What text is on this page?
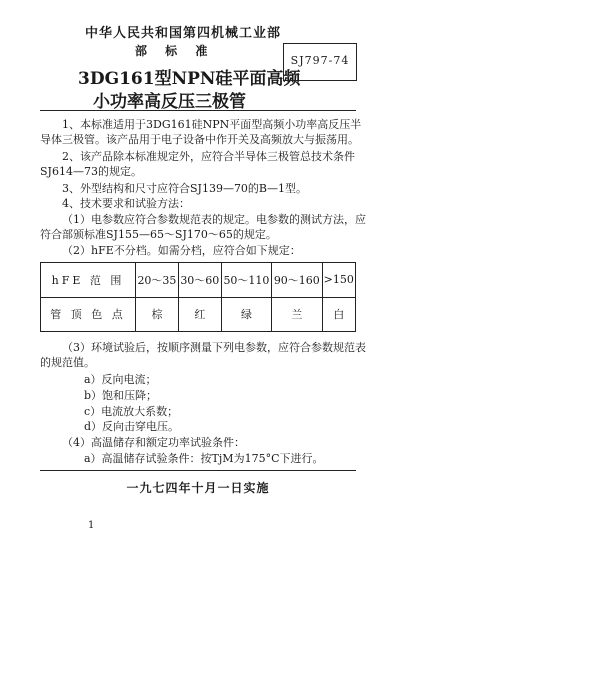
中华人民共和国第四机械工业部
部 标 准
3DG161型NPN硅平面高频
小功率高反压三极管
SJ797-74
1、本标准适用于3DG161硅NPN平面型高频小功率高反压半
导体三极管。该产品用于电子设备中作开关及高频放大与振荡用。
2、该产品除本标准规定外，应符合半导体三极管总技术条件
SJ614—73的规定。
3、外型结构和尺寸应符合SJ139—70的B—1型。
4、技术要求和试验方法：
（1）电参数应符合参数规范表的规定。电参数的测试方法，应
符合部颁标准SJ155—65～SJ170～65的规定。
（2）hFE不分档。如需分档，应符合如下规定：
hFE 范 围	20～35	30～60	50～110	90～160	>150
管 顶 色 点	棕	红	绿	兰	白
（3）环境试验后，按顺序测量下列电参数，应符合参数规范表
的规范值。
a）反向电流；
b）饱和压降；
c）电流放大系数；
d）反向击穿电压。
（4）高温储存和额定功率试验条件：
a）高温储存试验条件：按TjM为175°C下进行。
一九七四年十月一日实施
1
